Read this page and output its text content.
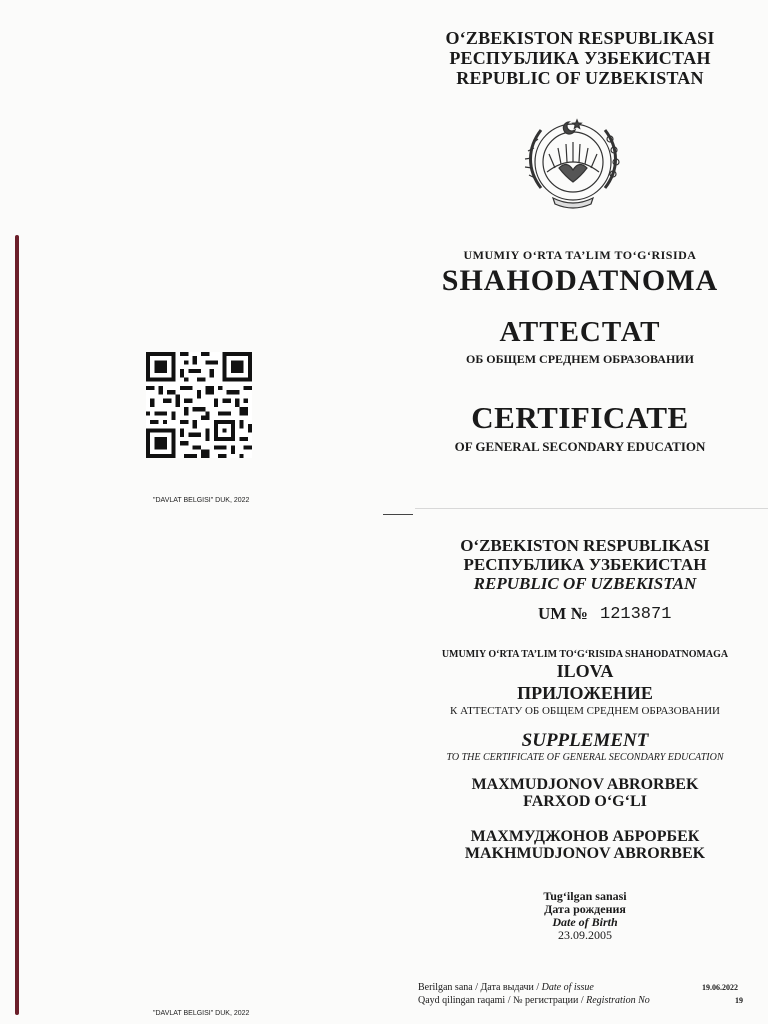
"DAVLAT BELGISI" DUK, 2022
"DAVLAT BELGISI" DUK, 2022
O‘ZBEKISTON RESPUBLIKASI
РЕСПУБЛИКА УЗБЕКИСТАН
REPUBLIC OF UZBEKISTAN
UMUMIY O‘RTA TA’LIM TO‘G‘RISIDA
SHAHODATNOMA
АТТЕСТАТ
ОБ ОБЩЕМ СРЕДНЕМ ОБРАЗОВАНИИ
CERTIFICATE
OF GENERAL SECONDARY EDUCATION
O‘ZBEKISTON RESPUBLIKASI
РЕСПУБЛИКА УЗБЕКИСТАН
REPUBLIC OF UZBEKISTAN
UM № 1213871
UMUMIY O‘RTA TA’LIM TO‘G‘RISIDA SHAHODATNOMAGA
ILOVA
ПРИЛОЖЕНИЕ
К АТТЕСТАТУ ОБ ОБЩЕМ СРЕДНЕМ ОБРАЗОВАНИИ
SUPPLEMENT
TO THE CERTIFICATE OF GENERAL SECONDARY EDUCATION
MAXMUDJONOV ABRORBEK
FARXOD O‘G‘LI
МАХМУДЖОНОВ АБРОРБЕК
MAKHMUDJONOV ABRORBEK
Tug‘ilgan sanasi
Дата рождения
Date of Birth
23.09.2005
Berilgan sana / Дата выдачи / Date of issue
Qayd qilingan raqami / № регистрации / Registration No
19.06.2022
19
